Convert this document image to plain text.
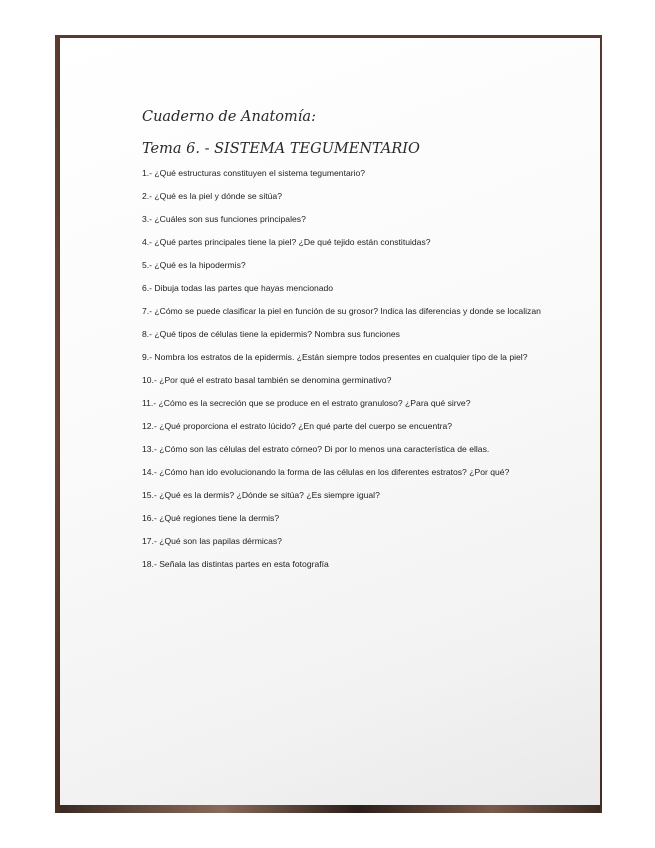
Cuaderno de Anatomía:

Tema 6. - SISTEMA TEGUMENTARIO

1.- ¿Qué estructuras constituyen el sistema tegumentario?
2.- ¿Qué es la piel y dónde se sitúa?
3.- ¿Cuáles son sus funciones principales?
4.- ¿Qué partes principales tiene la piel? ¿De qué tejido están constituidas?
5.- ¿Qué es la hipodermis?
6.- Dibuja todas las partes que hayas mencionado
7.- ¿Cómo se puede clasificar la piel en función de su grosor? Indica las diferencias y donde se localizan
8.- ¿Qué tipos de células tiene la epidermis? Nombra sus funciones
9.- Nombra los estratos de la epidermis. ¿Están siempre todos presentes en cualquier tipo de la piel?
10.- ¿Por qué el estrato basal también se denomina germinativo?
11.- ¿Cómo es la secreción que se produce en el estrato granuloso? ¿Para qué sirve?
12.- ¿Qué proporciona el estrato lúcido? ¿En qué parte del cuerpo se encuentra?
13.- ¿Cómo son las células del estrato córneo? Di por lo menos una característica de ellas.
14.- ¿Cómo han ido evolucionando la forma de las células en los diferentes estratos? ¿Por qué?
15.- ¿Qué es la dermis? ¿Dónde se sitúa? ¿Es siempre igual?
16.- ¿Qué regiones tiene la dermis?
17.- ¿Qué son las papilas dérmicas?
18.- Señala las distintas partes en esta fotografía
